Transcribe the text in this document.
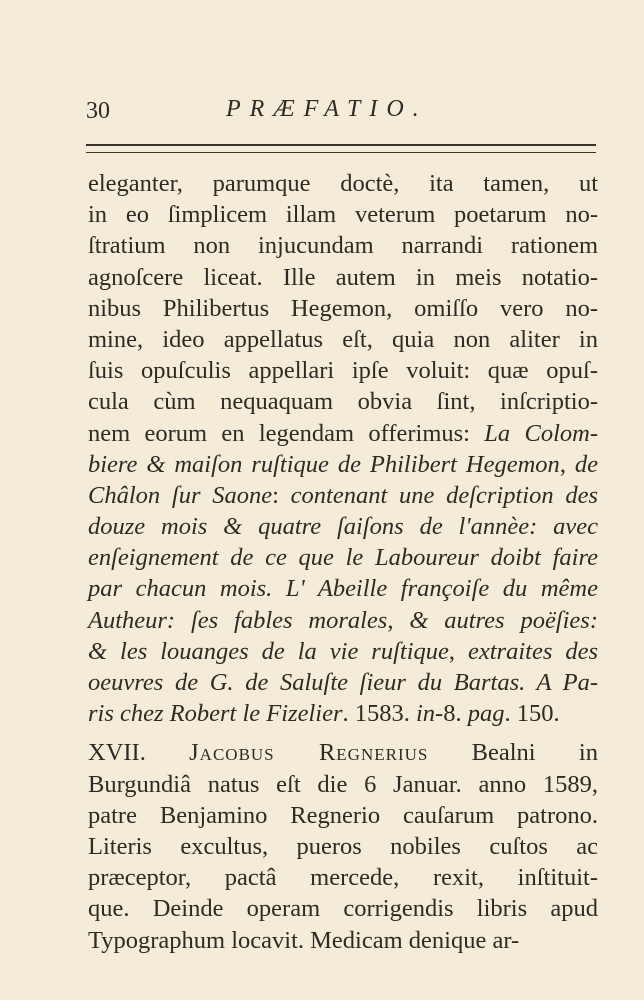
30	PRÆFATIO.
eleganter, parumque doctè, ita tamen, ut
in eo ſimplicem illam veterum poetarum no-
ſtratium non injucundam narrandi rationem
agnoſcere liceat. Ille autem in meis notatio-
nibus Philibertus Hegemon, omiſſo vero no-
mine, ideo appellatus eſt, quia non aliter in
ſuis opuſculis appellari ipſe voluit: quæ opuſ-
cula cùm nequaquam obvia ſint, inſcriptio-
nem eorum en legendam offerimus: La Colom-
biere & maiſon ruſtique de Philibert Hegemon, de
Châlon ſur Saone: contenant une deſcription des
douze mois & quatre ſaiſons de l'annèe: avec
enſeignement de ce que le Laboureur doibt faire
par chacun mois. L' Abeille françoiſe du même
Autheur: ſes fables morales, & autres poëſies:
& les louanges de la vie ruſtique, extraites des
oeuvres de G. de Saluſte ſieur du Bartas. A Pa-
ris chez Robert le Fizelier. 1583. in-8. pag. 150.
XVII. Jacobus Regnerius Bealni in
Burgundiâ natus eſt die 6 Januar. anno 1589,
patre Benjamino Regnerio cauſarum patrono.
Literis excultus, pueros nobiles cuſtos ac
præceptor, pactâ mercede, rexit, inſtituit-
que. Deinde operam corrigendis libris apud
Typographum locavit. Medicam denique ar-
